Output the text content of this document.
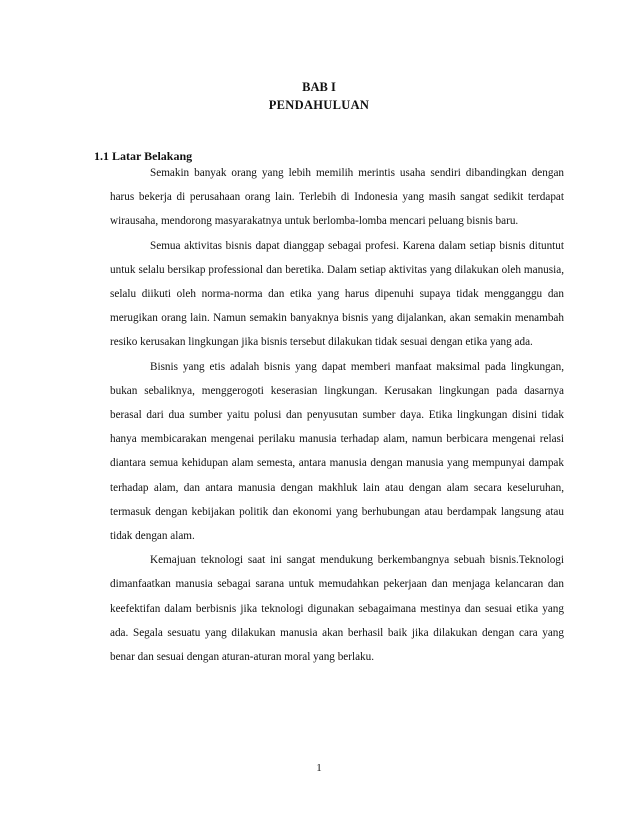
BAB I
PENDAHULUAN
1.1 Latar Belakang

Semakin banyak orang yang lebih memilih merintis usaha sendiri dibandingkan dengan harus bekerja di perusahaan orang lain. Terlebih di Indonesia yang masih sangat sedikit terdapat wirausaha, mendorong masyarakatnya untuk berlomba-lomba mencari peluang bisnis baru.

Semua aktivitas bisnis dapat dianggap sebagai profesi. Karena dalam setiap bisnis dituntut untuk selalu bersikap professional dan beretika. Dalam setiap aktivitas yang dilakukan oleh manusia, selalu diikuti oleh norma-norma dan etika yang harus dipenuhi supaya tidak mengganggu dan merugikan orang lain. Namun semakin banyaknya bisnis yang dijalankan, akan semakin menambah resiko kerusakan lingkungan jika bisnis tersebut dilakukan tidak sesuai dengan etika yang ada.

Bisnis yang etis adalah bisnis yang dapat memberi manfaat maksimal pada lingkungan, bukan sebaliknya, menggerogoti keserasian lingkungan. Kerusakan lingkungan pada dasarnya berasal dari dua sumber yaitu polusi dan penyusutan sumber daya. Etika lingkungan disini tidak hanya membicarakan mengenai perilaku manusia terhadap alam, namun berbicara mengenai relasi diantara semua kehidupan alam semesta, antara manusia dengan manusia yang mempunyai dampak terhadap alam, dan antara manusia dengan makhluk lain atau dengan alam secara keseluruhan, termasuk dengan kebijakan politik dan ekonomi yang berhubungan atau berdampak langsung atau tidak dengan alam.

Kemajuan teknologi saat ini sangat mendukung berkembangnya sebuah bisnis.Teknologi dimanfaatkan manusia sebagai sarana untuk memudahkan pekerjaan dan menjaga kelancaran dan keefektifan dalam berbisnis jika teknologi digunakan sebagaimana mestinya dan sesuai etika yang ada. Segala sesuatu yang dilakukan manusia akan berhasil baik jika dilakukan dengan cara yang benar dan sesuai dengan aturan-aturan moral yang berlaku.

1
